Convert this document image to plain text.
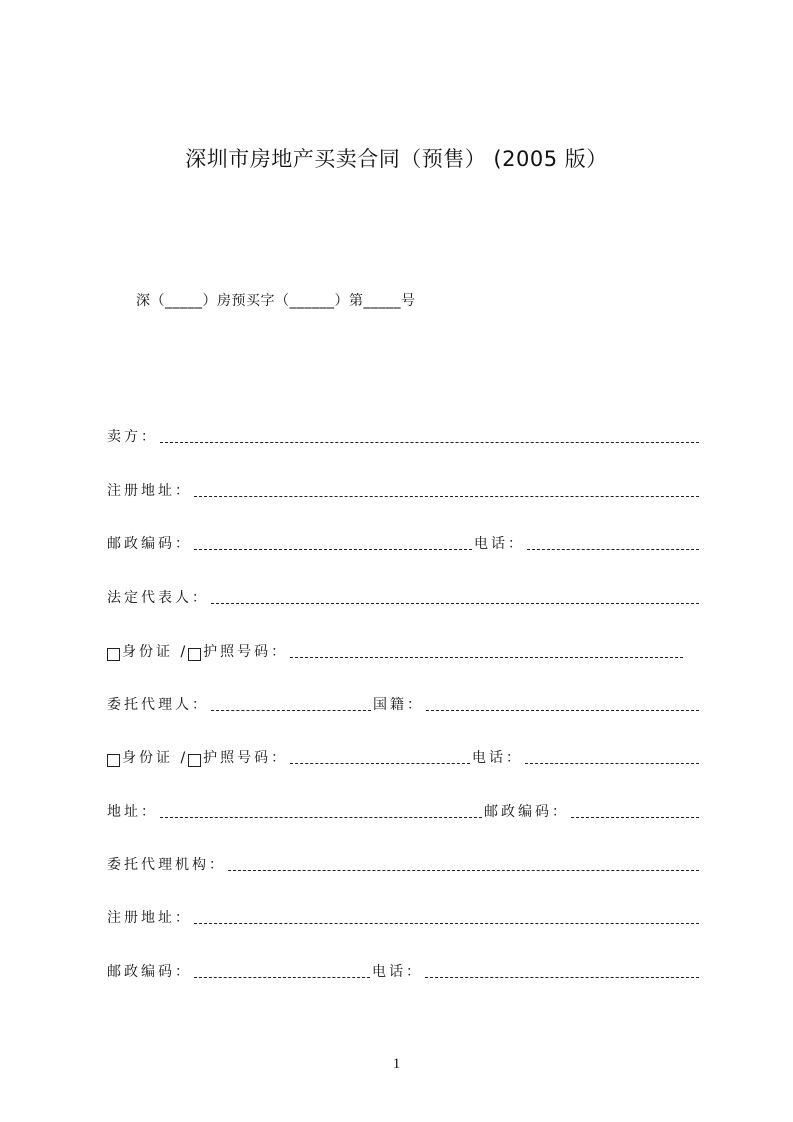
深圳市房地产买卖合同（预售） (2005 版）
深（_____）房预买字（______）第_____号
卖方：
注册地址：
邮政编码：	电话：
法定代表人：
身份证 / 护照号码：
委托代理人：	国籍：
身份证 / 护照号码：	电话：
地址：	邮政编码：
委托代理机构：
注册地址：
邮政编码：	电话：
1
